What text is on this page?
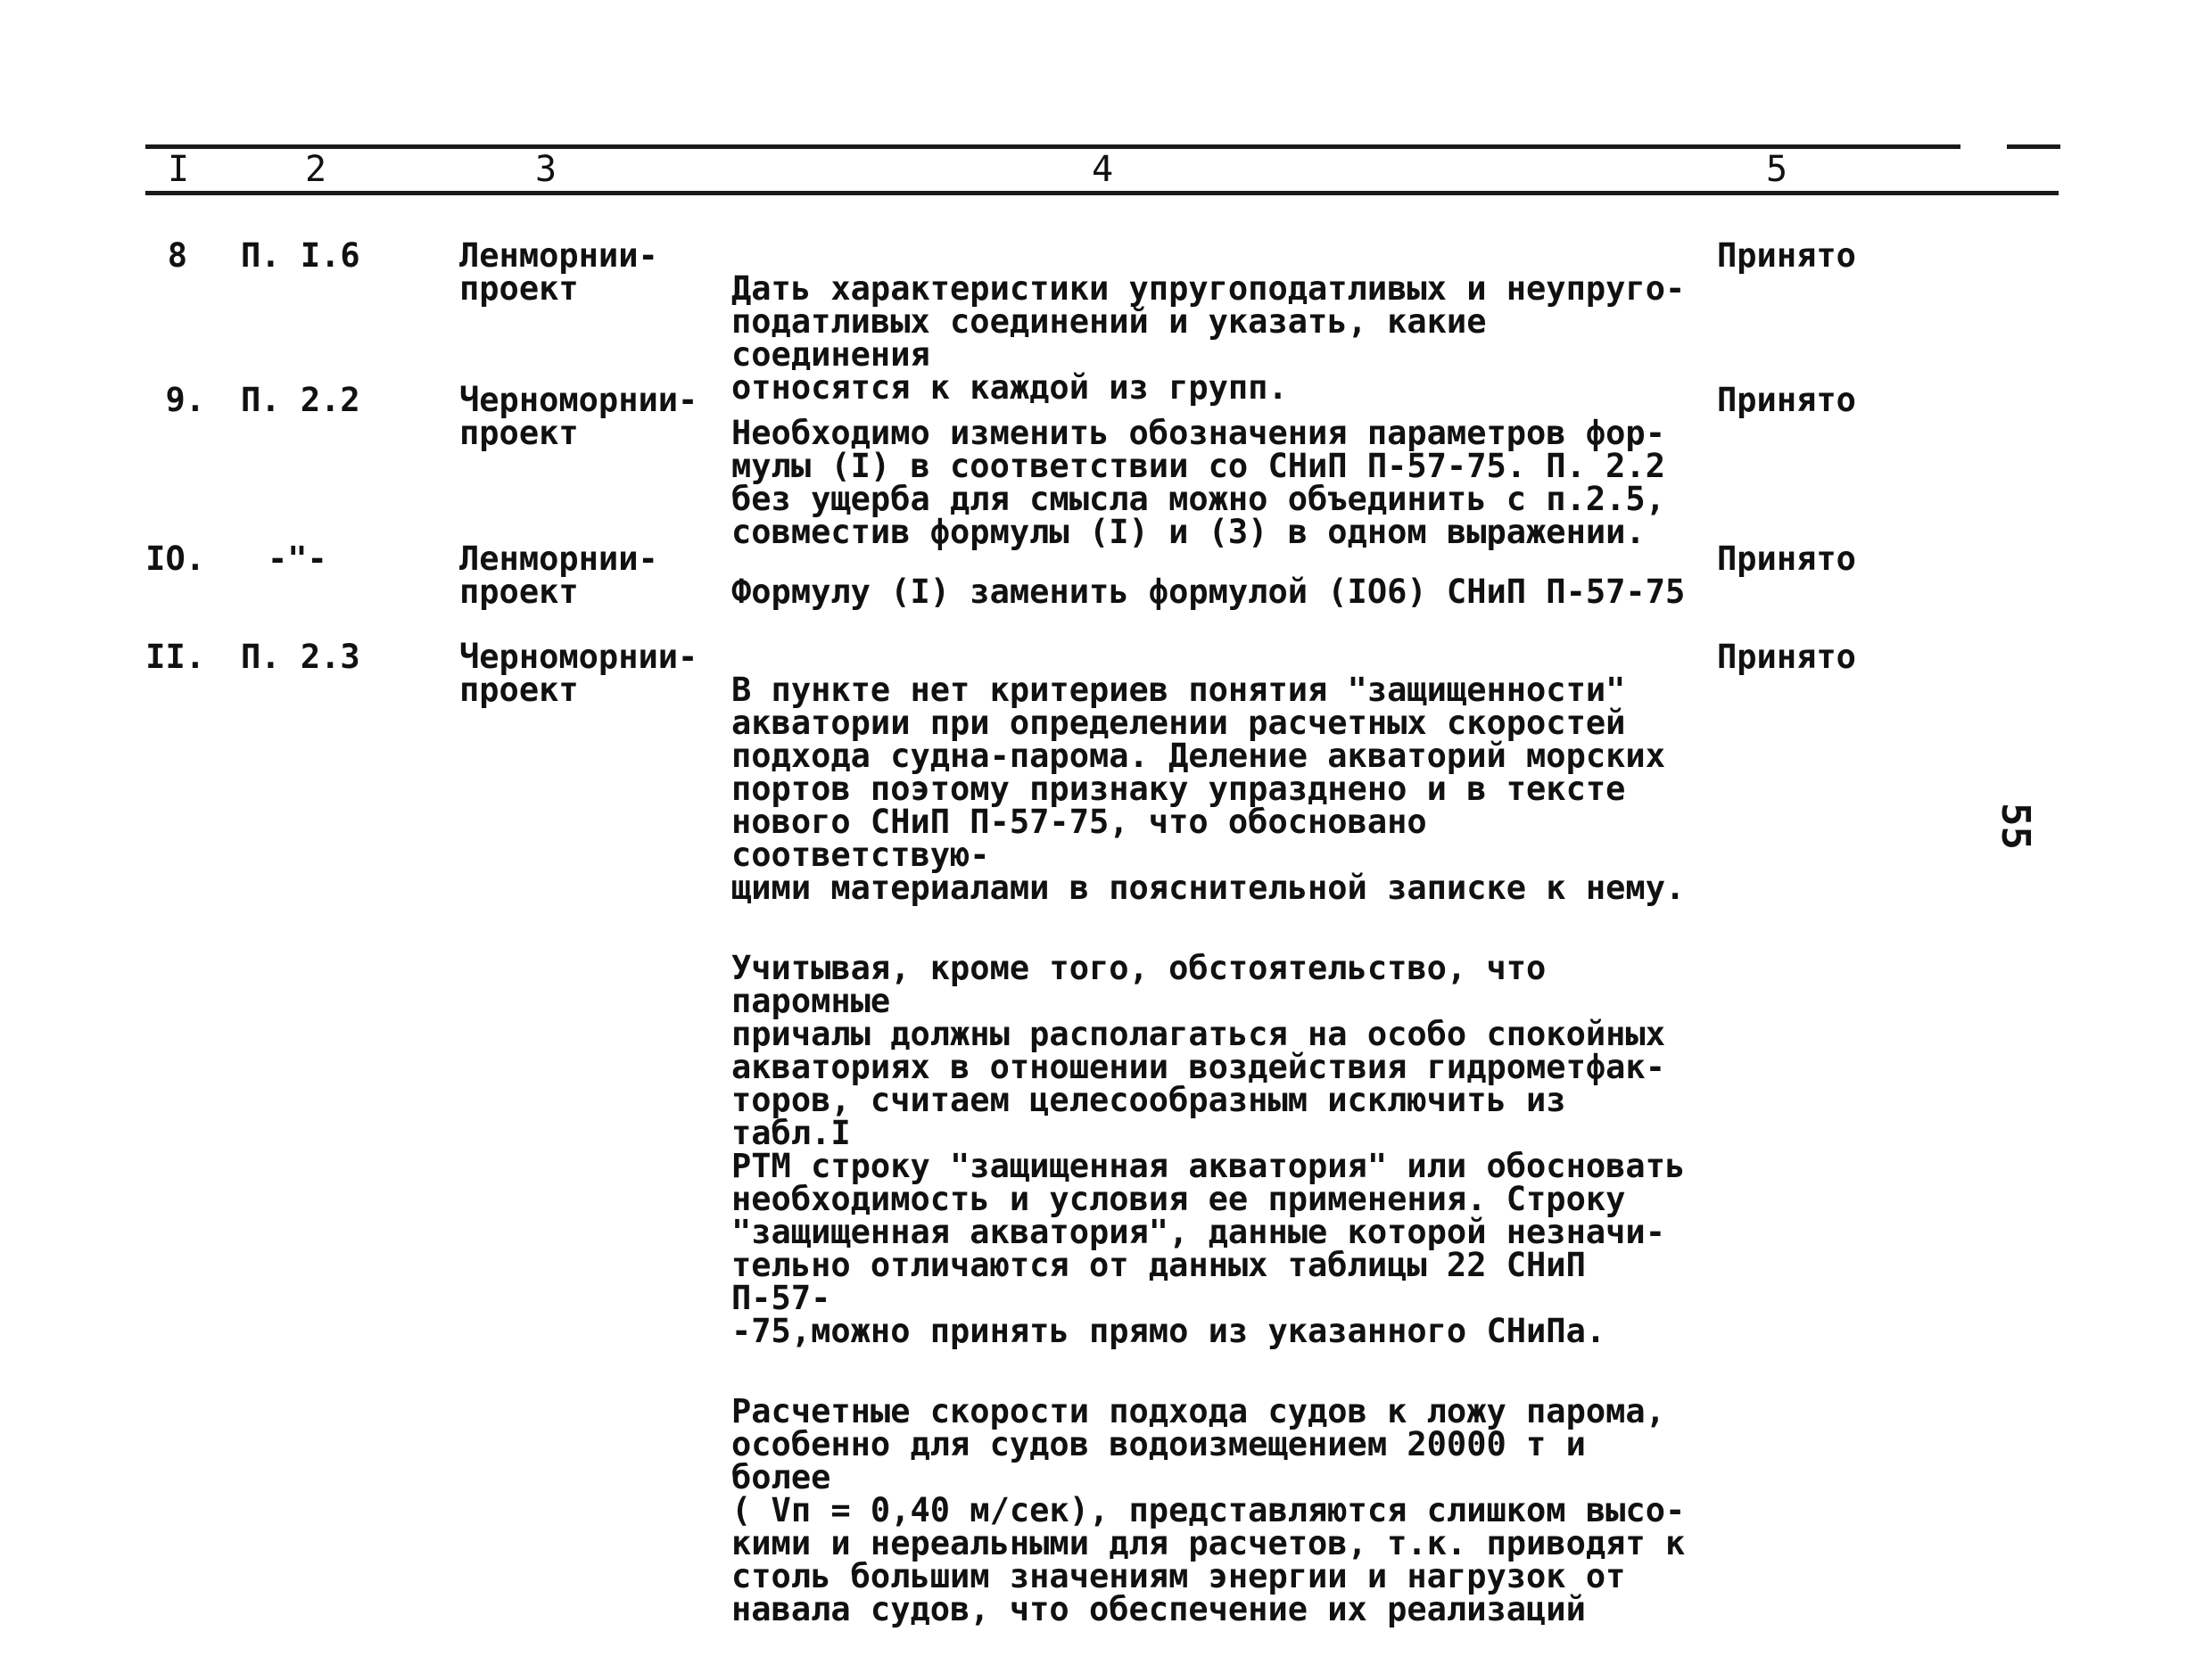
I	2	3	4	5
8 П. I.6	Ленморнии-
проект	Дать характеристики упругоподатливых и неупруго-
податливых соединений и указать, какие соединения
относятся к каждой из групп.

Принято
9. П. 2.2	Черноморнии-
проект	Необходимо изменить обозначения параметров фор-
мулы (I) в соответствии со СНиП П-57-75. П. 2.2
без ущерба для смысла можно объединить с п.2.5,
совместив формулы (I) и (3) в одном выражении.

Принято
IO. -"-	Ленморнии-
проект	Формулу (I) заменить формулой (IO6) СНиП П-57-75

Принято
II. П. 2.3	Черноморнии-
проект	В пункте нет критериев понятия "защищенности"
акватории при определении расчетных скоростей
подхода судна-парома. Деление акваторий морских
портов поэтому признаку упразднено и в тексте
нового СНиП П-57-75, что обосновано соответствую-
щими материалами в пояснительной записке к нему.

Учитывая, кроме того, обстоятельство, что паромные
причалы должны располагаться на особо спокойных
акваториях в отношении воздействия гидрометфак-
торов, считаем целесообразным исключить из табл.I
РТМ строку "защищенная акватория" или обосновать
необходимость и условия ее применения. Строку
"защищенная акватория", данные которой незначи-
тельно отличаются от данных таблицы 22 СНиП П-57-
-75,можно принять прямо из указанного СНиПа.

Расчетные скорости подхода судов к ложу парома,
особенно для судов водоизмещением 20000 т и более
( Vп = 0,40 м/сек), представляются слишком высо-
кими и нереальными для расчетов, т.к. приводят к
столь большим значениям энергии и нагрузок от
навала судов, что обеспечение их реализаций

Принято
55
